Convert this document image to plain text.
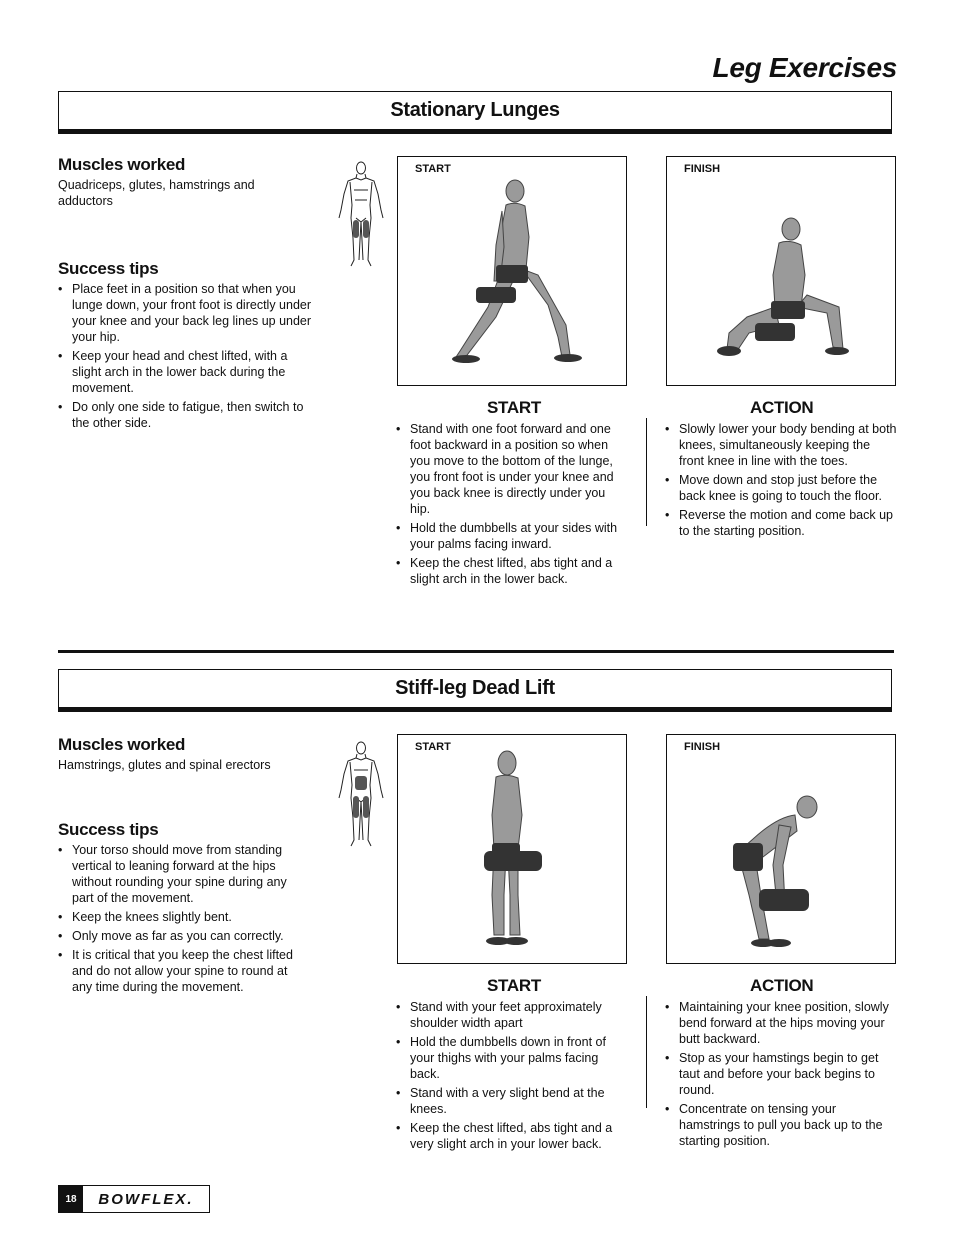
Leg Exercises
Stationary Lunges

Muscles worked

Quadriceps, glutes, hamstrings and adductors

Success tips

• Place feet in a position so that when you lunge down, your front foot is directly under your knee and your back leg lines up under your hip.
• Keep your head and chest lifted, with a slight arch in the lower back during the movement.
• Do only one side to fatigue, then switch to the other side.
START	FINISH
START	ACTION
• Stand with one foot forward and one foot backward in a position so when you move to the bottom of the lunge, you front foot is under your knee and you back knee is directly under you hip.
• Hold the dumbbells at your sides with your palms facing inward.
• Keep the chest lifted, abs tight and a slight arch in the lower back.
• Slowly lower your body bending at both knees, simultaneously keeping the front knee in line with the toes.
• Move down and stop just before the back knee is going to touch the floor.
• Reverse the motion and come back up to the starting position.
Stiff-leg Dead Lift

Muscles worked

Hamstrings, glutes and spinal erectors

Success tips

• Your torso should move from standing vertical to leaning forward at the hips without rounding your spine during any part of the movement.
• Keep the knees slightly bent.
• Only move as far as you can correctly.
• It is critical that you keep the chest lifted and do not allow your spine to round at any time during the movement.
START	FINISH
START	ACTION
• Stand with your feet approximately shoulder width apart
• Hold the dumbbells down in front of your thighs with your palms facing back.
• Stand with a very slight bend at the knees.
• Keep the chest lifted, abs tight and a very slight arch in your lower back.
• Maintaining your knee position, slowly bend forward at the hips moving your butt backward.
• Stop as your hamstings begin to get taut and before your back begins to round.
• Concentrate on tensing your hamstrings to pull you back up to the starting position.
18	BOWFLEX.
